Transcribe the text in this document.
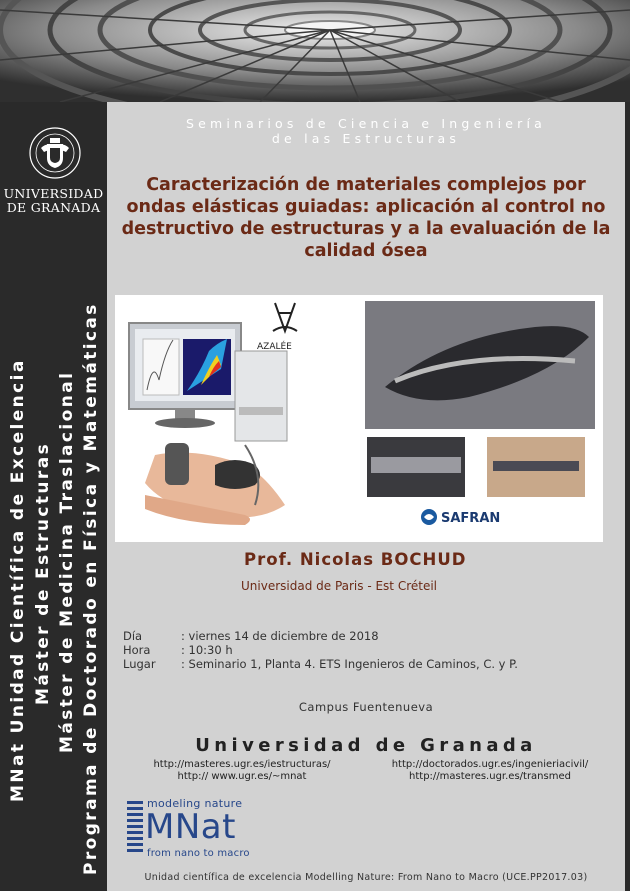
UNIVERSIDAD
DE GRANADA
MNat Unidad Científica de Excelencia Máster de Estructuras Máster de Medicina Traslacional Programa de Doctorado en Física y Matemáticas
Seminarios de Ciencia e Ingeniería
de las Estructuras
Caracterización de materiales complejos por ondas elásticas guiadas: aplicación al control no destructivo de estructuras y a la evaluación de la calidad ósea
AZALÉE
SAFRAN
Prof. Nicolas BOCHUD
Universidad de Paris - Est Créteil
Día	: viernes 14 de diciembre de 2018
Hora	: 10:30 h
Lugar : Seminario 1, Planta 4. ETS Ingenieros de Caminos, C. y P.
Campus Fuentenueva
Universidad de Granada
http://masteres.ugr.es/iestructuras/
http:// www.ugr.es/~mnat
http://doctorados.ugr.es/ingenieriacivil/
http://masteres.ugr.es/transmed
modeling nature
MNat
from nano to macro
Unidad científica de excelencia Modelling Nature: From Nano to Macro (UCE.PP2017.03)
